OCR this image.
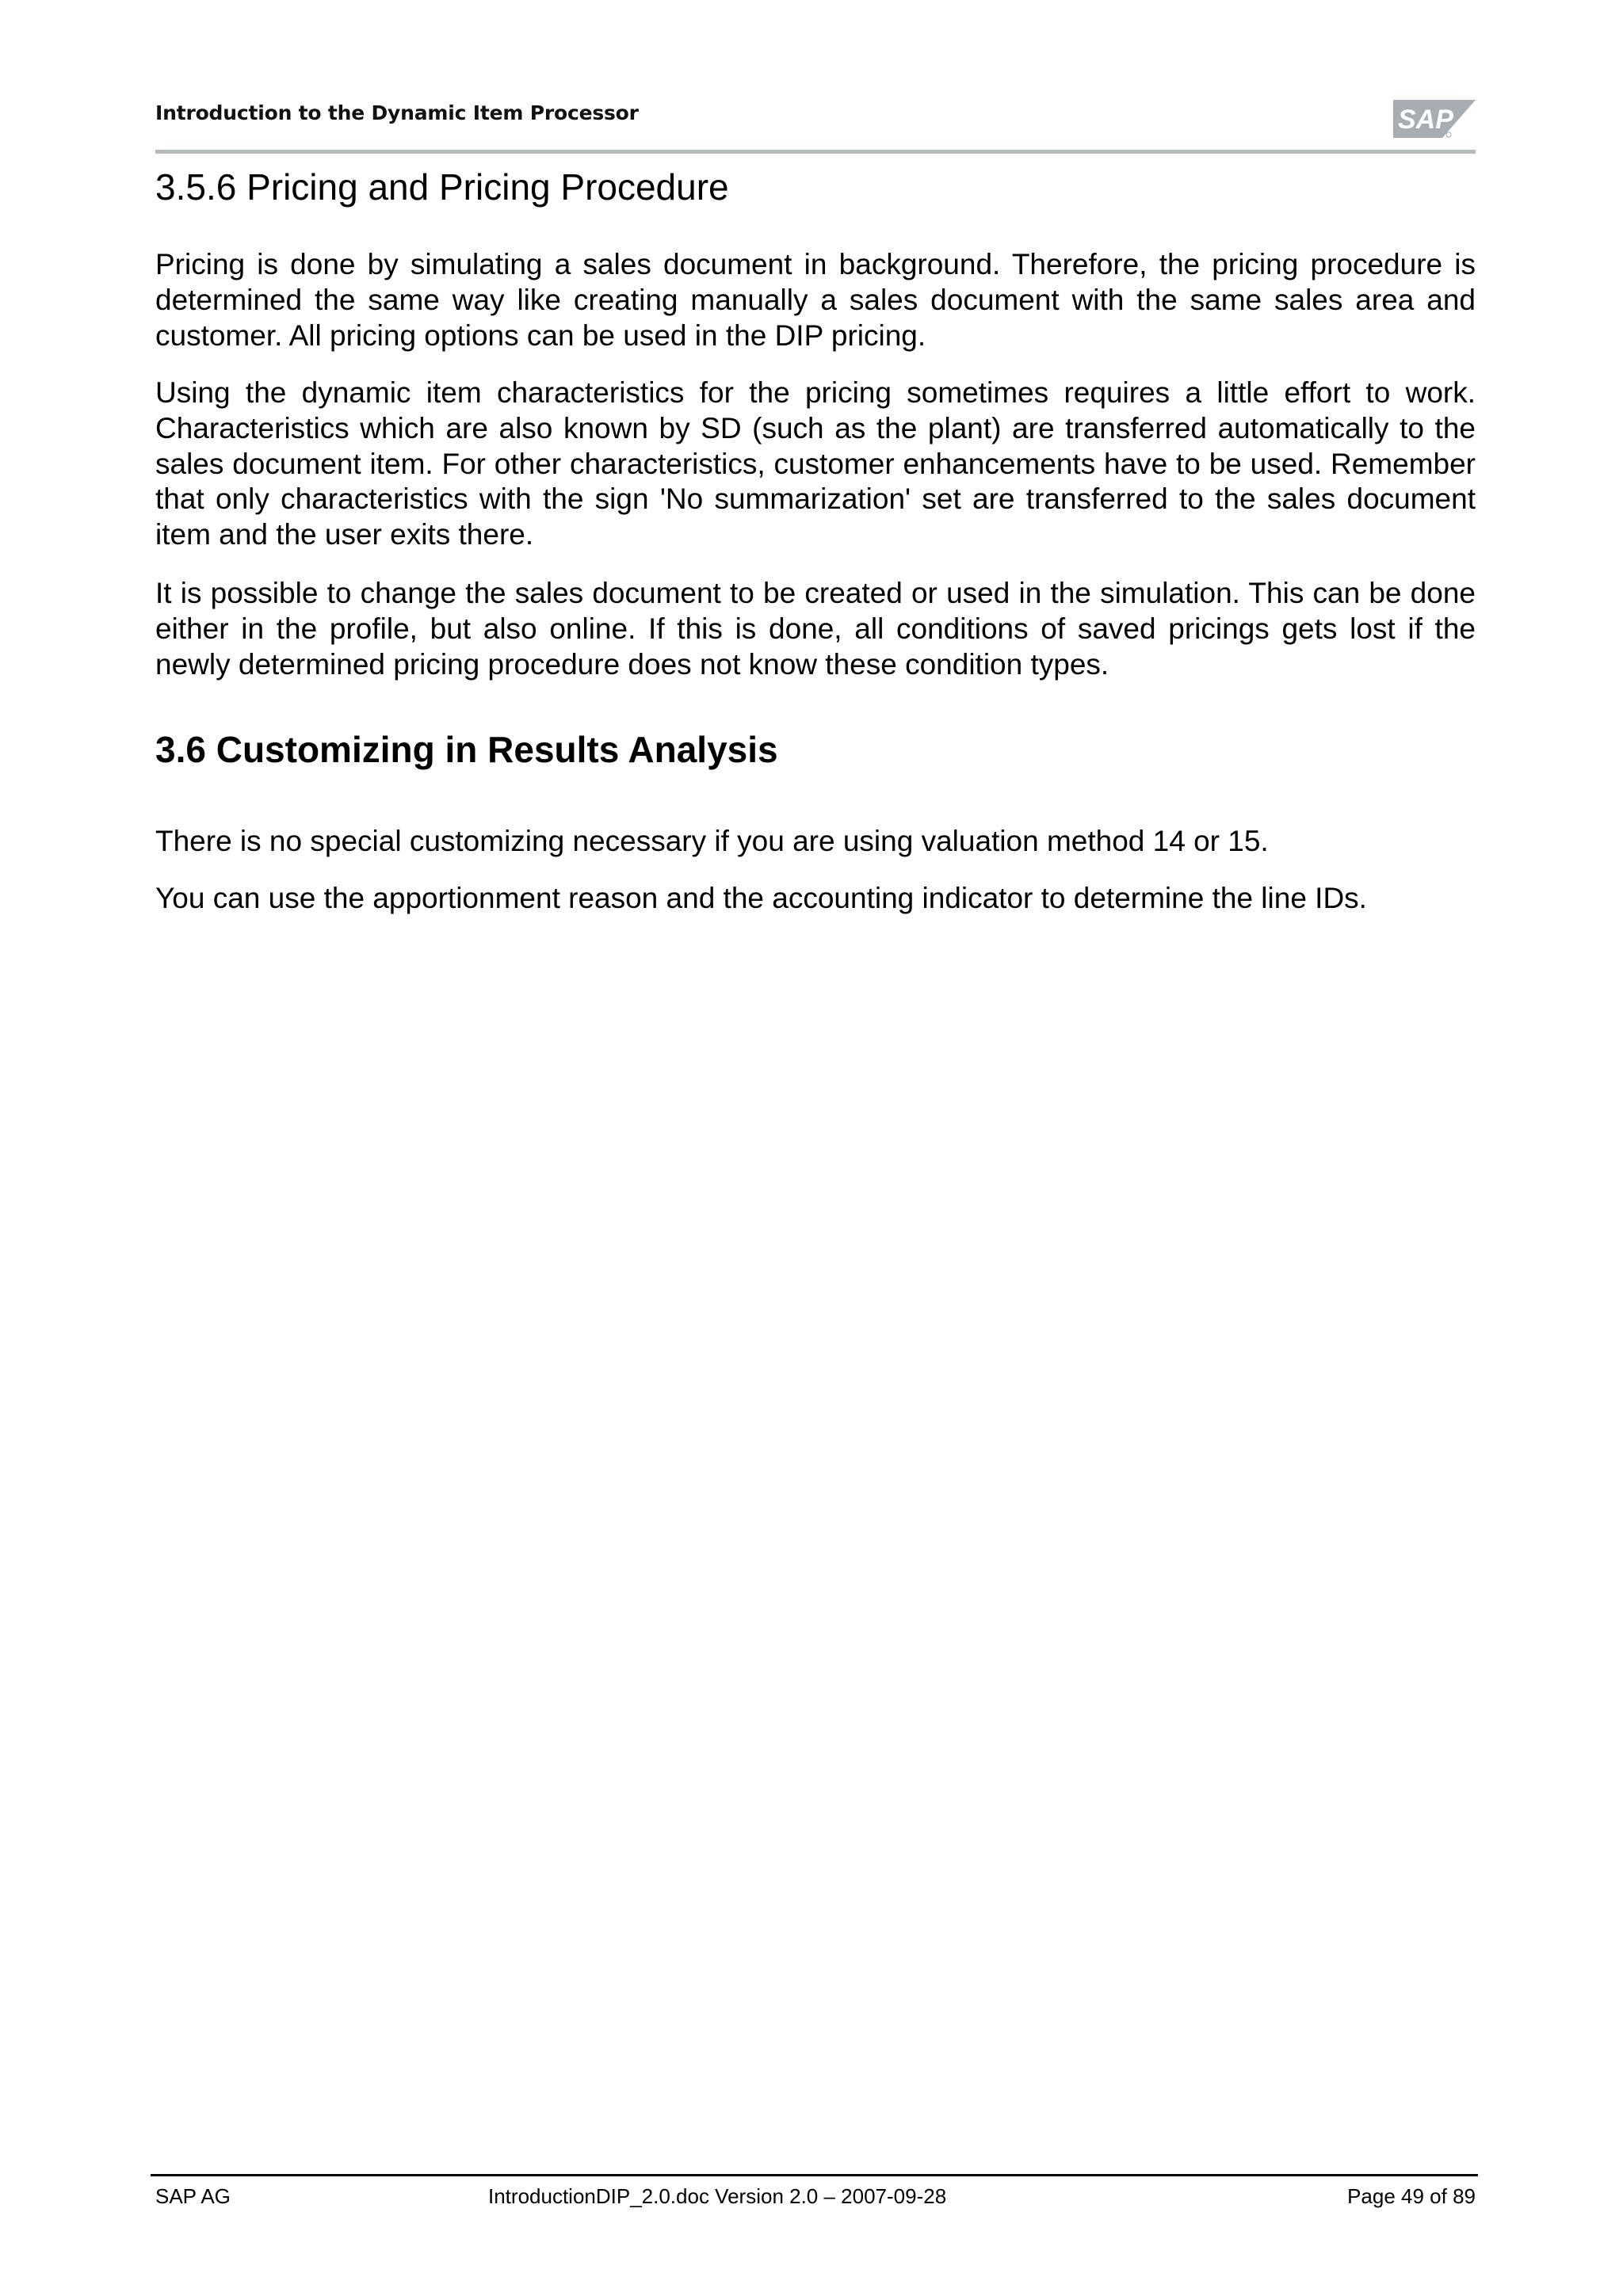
Introduction to the Dynamic Item Processor	SAP
3.5.6 Pricing and Pricing Procedure

Pricing is done by simulating a sales document in background. Therefore, the pricing procedure is determined the same way like creating manually a sales document with the same sales area and customer. All pricing options can be used in the DIP pricing.

Using the dynamic item characteristics for the pricing sometimes requires a little effort to work. Characteristics which are also known by SD (such as the plant) are transferred automatically to the sales document item. For other characteristics, customer enhancements have to be used. Remember that only characteristics with the sign 'No summarization' set are transferred to the sales document item and the user exits there.

It is possible to change the sales document to be created or used in the simulation. This can be done either in the profile, but also online. If this is done, all conditions of saved pricings gets lost if the newly determined pricing procedure does not know these condition types.

3.6 Customizing in Results Analysis

There is no special customizing necessary if you are using valuation method 14 or 15.

You can use the apportionment reason and the accounting indicator to determine the line IDs.

SAP AG	IntroductionDIP_2.0.doc Version 2.0 – 2007-09-28	Page 49 of 89
